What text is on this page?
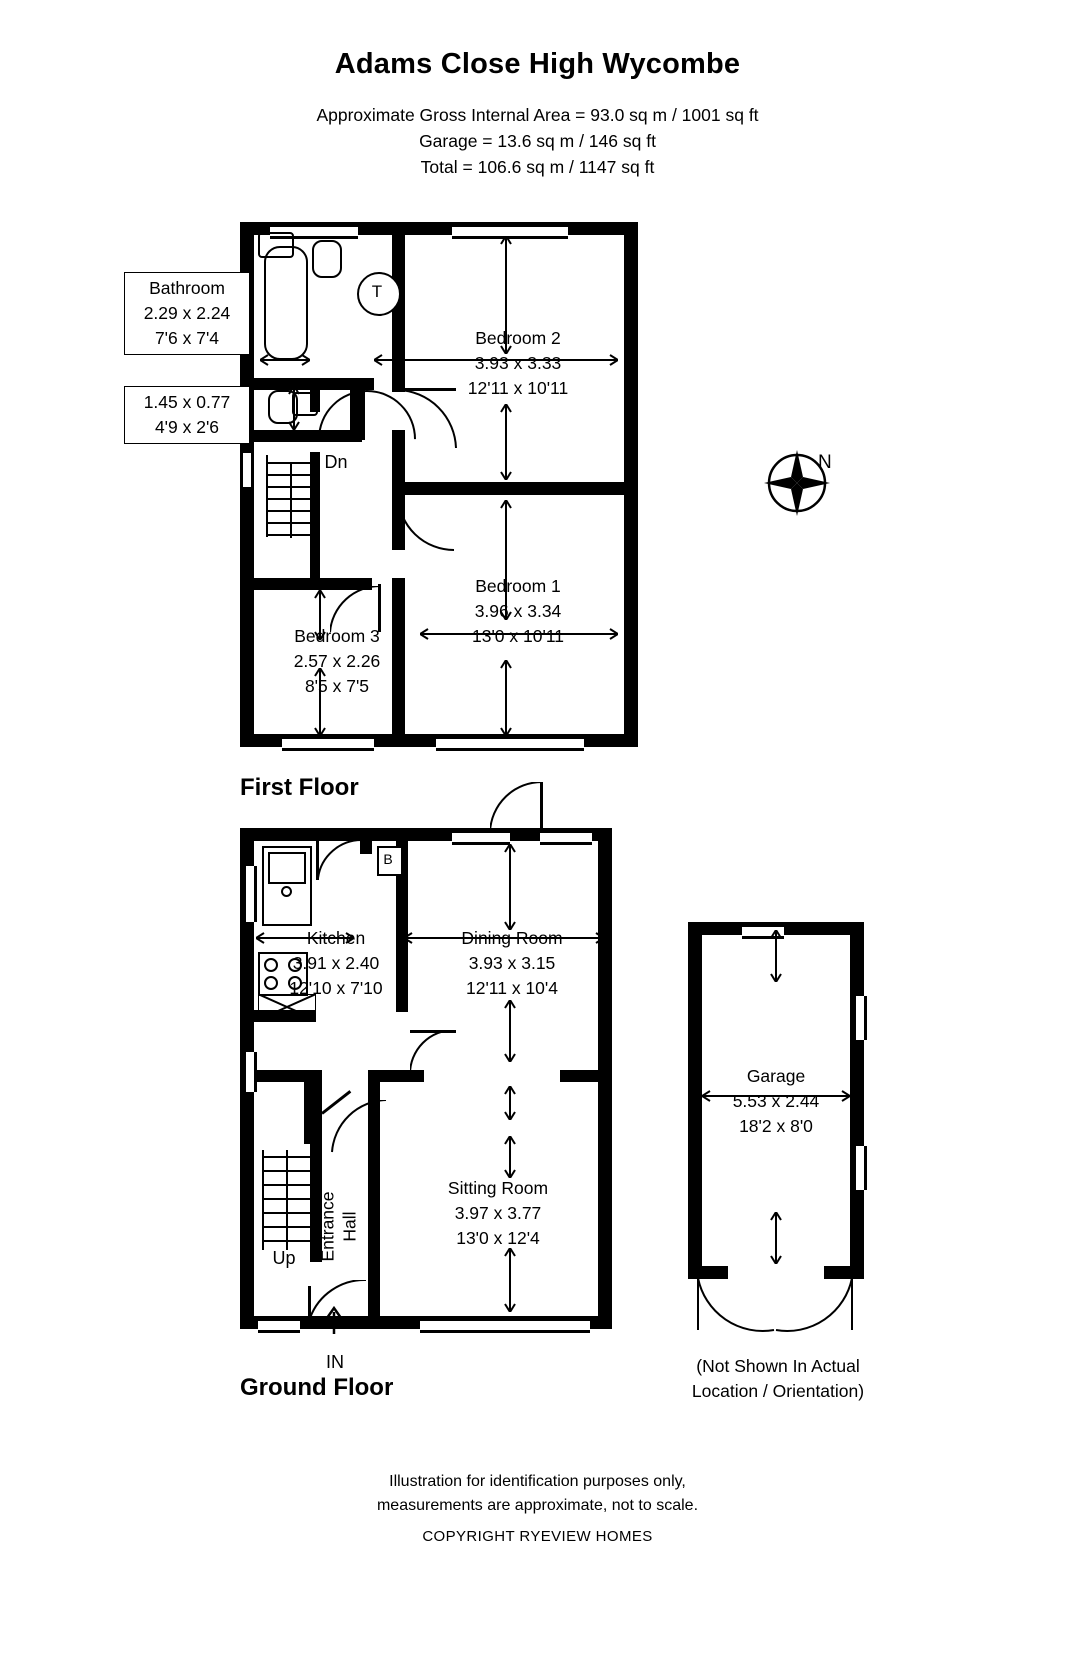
Adams Close High Wycombe
Approximate Gross Internal Area = 93.0 sq m / 1001 sq ft
Garage = 13.6 sq m / 146 sq ft
Total = 106.6 sq m / 1147 sq ft
N
Dn
T
Bathroom
2.29 x 2.24
7'6 x 7'4
1.45 x 0.77
4'9 x 2'6
Bedroom 2
3.93 x 3.33
12'11 x 10'11
Bedroom 1
3.96 x 3.34
13'0 x 10'11
Bedroom 3
2.57 x 2.26
8'5 x 7'5
First Floor
B
Up
IN
Kitchen
3.91 x 2.40
12'10 x 7'10
Dining Room
3.93 x 3.15
12'11 x 10'4
Sitting Room
3.97 x 3.77
13'0 x 12'4
Entrance Hall
Ground Floor
Garage
5.53 x 2.44
18'2 x 8'0
(Not Shown In Actual
Location / Orientation)
Illustration for identification purposes only,
measurements are approximate, not to scale.
COPYRIGHT RYEVIEW HOMES
